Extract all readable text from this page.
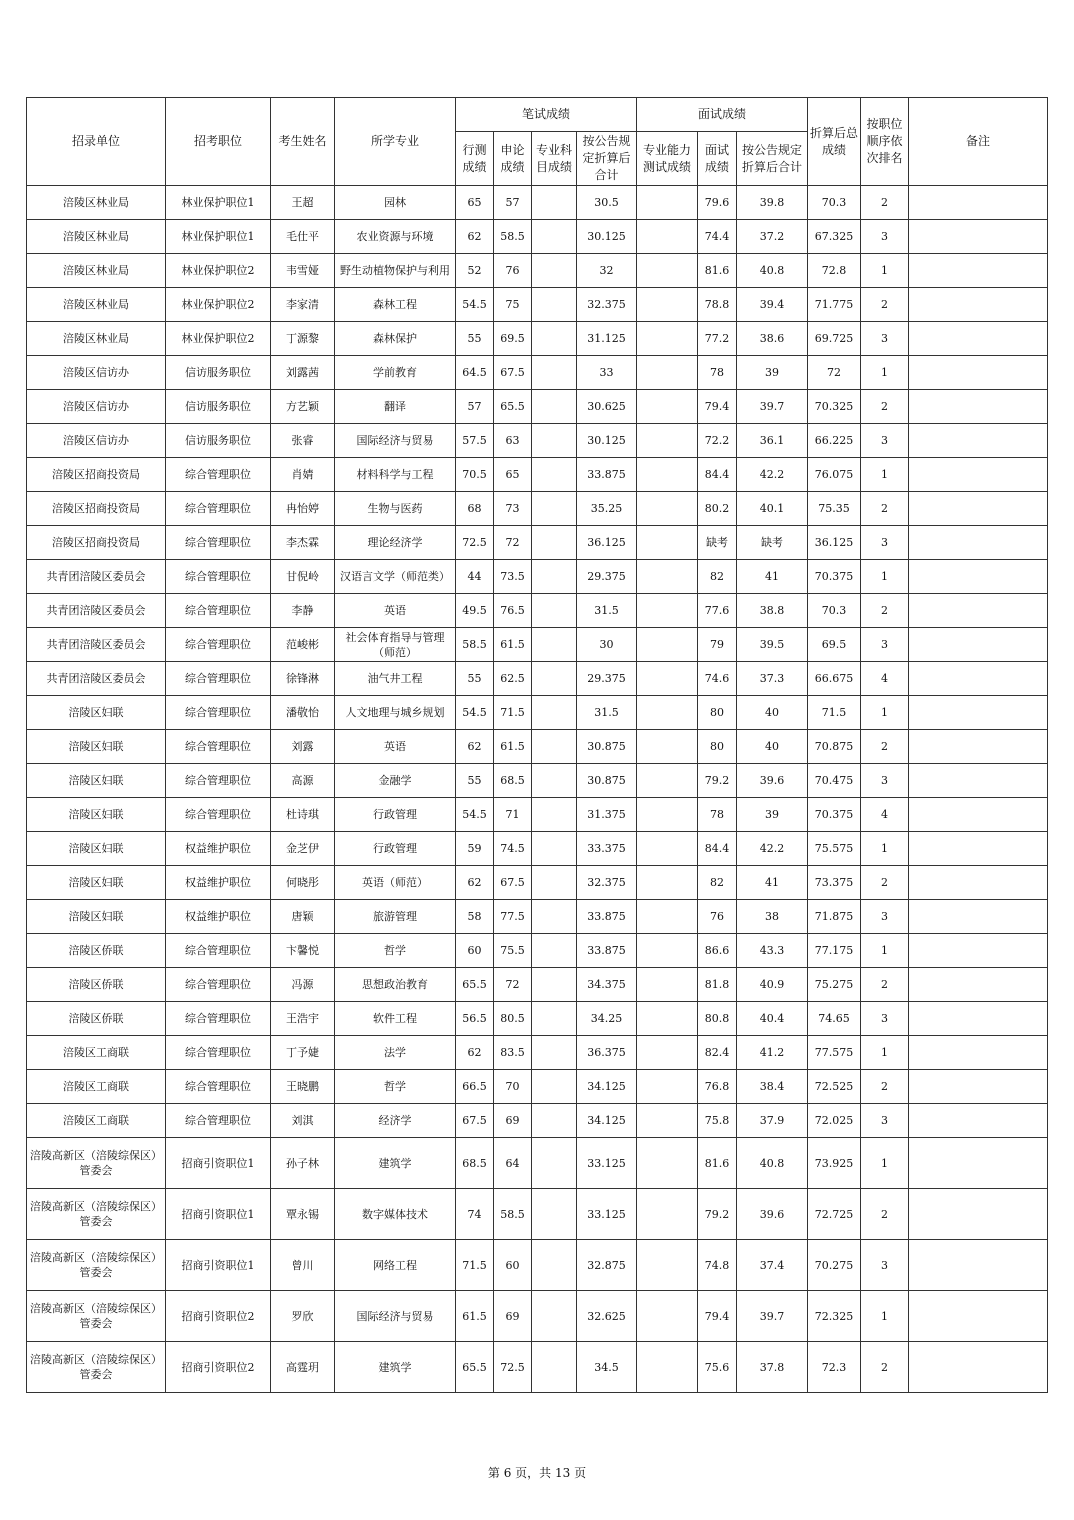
招录单位	招考职位	考生姓名	所学专业	笔试成绩				面试成绩			折算后总成绩	按职位顺序依次排名	备注
				行测成绩	申论成绩	专业科目成绩	按公告规定折算后合计	专业能力测试成绩	面试成绩	按公告规定折算后合计			
涪陵区林业局	林业保护职位1	王超	园林	65	57		30.5		79.6	39.8	70.3	2	
涪陵区林业局	林业保护职位1	毛仕平	农业资源与环境	62	58.5		30.125		74.4	37.2	67.325	3	
涪陵区林业局	林业保护职位2	韦雪娅	野生动植物保护与利用	52	76		32		81.6	40.8	72.8	1	
涪陵区林业局	林业保护职位2	李家清	森林工程	54.5	75		32.375		78.8	39.4	71.775	2	
涪陵区林业局	林业保护职位2	丁源黎	森林保护	55	69.5		31.125		77.2	38.6	69.725	3	
涪陵区信访办	信访服务职位	刘露茜	学前教育	64.5	67.5		33		78	39	72	1	
涪陵区信访办	信访服务职位	方艺颖	翻译	57	65.5		30.625		79.4	39.7	70.325	2	
涪陵区信访办	信访服务职位	张睿	国际经济与贸易	57.5	63		30.125		72.2	36.1	66.225	3	
涪陵区招商投资局	综合管理职位	肖婧	材料科学与工程	70.5	65		33.875		84.4	42.2	76.075	1	
涪陵区招商投资局	综合管理职位	冉怡婷	生物与医药	68	73		35.25		80.2	40.1	75.35	2	
涪陵区招商投资局	综合管理职位	李杰霖	理论经济学	72.5	72		36.125		缺考	缺考	36.125	3	
共青团涪陵区委员会	综合管理职位	甘倪岭	汉语言文学（师范类）	44	73.5		29.375		82	41	70.375	1	
共青团涪陵区委员会	综合管理职位	李静	英语	49.5	76.5		31.5		77.6	38.8	70.3	2	
共青团涪陵区委员会	综合管理职位	范峻彬	社会体育指导与管理（师范）	58.5	61.5		30		79	39.5	69.5	3	
共青团涪陵区委员会	综合管理职位	徐锋淋	油气井工程	55	62.5		29.375		74.6	37.3	66.675	4	
涪陵区妇联	综合管理职位	潘敬怡	人文地理与城乡规划	54.5	71.5		31.5		80	40	71.5	1	
涪陵区妇联	综合管理职位	刘露	英语	62	61.5		30.875		80	40	70.875	2	
涪陵区妇联	综合管理职位	高源	金融学	55	68.5		30.875		79.2	39.6	70.475	3	
涪陵区妇联	综合管理职位	杜诗琪	行政管理	54.5	71		31.375		78	39	70.375	4	
涪陵区妇联	权益维护职位	金芝伊	行政管理	59	74.5		33.375		84.4	42.2	75.575	1	
涪陵区妇联	权益维护职位	何晓彤	英语（师范）	62	67.5		32.375		82	41	73.375	2	
涪陵区妇联	权益维护职位	唐颖	旅游管理	58	77.5		33.875		76	38	71.875	3	
涪陵区侨联	综合管理职位	卞馨悦	哲学	60	75.5		33.875		86.6	43.3	77.175	1	
涪陵区侨联	综合管理职位	冯源	思想政治教育	65.5	72		34.375		81.8	40.9	75.275	2	
涪陵区侨联	综合管理职位	王浩宇	软件工程	56.5	80.5		34.25		80.8	40.4	74.65	3	
涪陵区工商联	综合管理职位	丁予婕	法学	62	83.5		36.375		82.4	41.2	77.575	1	
涪陵区工商联	综合管理职位	王晓鹏	哲学	66.5	70		34.125		76.8	38.4	72.525	2	
涪陵区工商联	综合管理职位	刘淇	经济学	67.5	69		34.125		75.8	37.9	72.025	3	
涪陵高新区（涪陵综保区）管委会	招商引资职位1	孙子林	建筑学	68.5	64		33.125		81.6	40.8	73.925	1	
涪陵高新区（涪陵综保区）管委会	招商引资职位1	覃永锡	数字媒体技术	74	58.5		33.125		79.2	39.6	72.725	2	
涪陵高新区（涪陵综保区）管委会	招商引资职位1	曾川	网络工程	71.5	60		32.875		74.8	37.4	70.275	3	
涪陵高新区（涪陵综保区）管委会	招商引资职位2	罗欣	国际经济与贸易	61.5	69		32.625		79.4	39.7	72.325	1	
涪陵高新区（涪陵综保区）管委会	招商引资职位2	高霆玥	建筑学	65.5	72.5		34.5		75.6	37.8	72.3	2	
第 6 页，共 13 页
